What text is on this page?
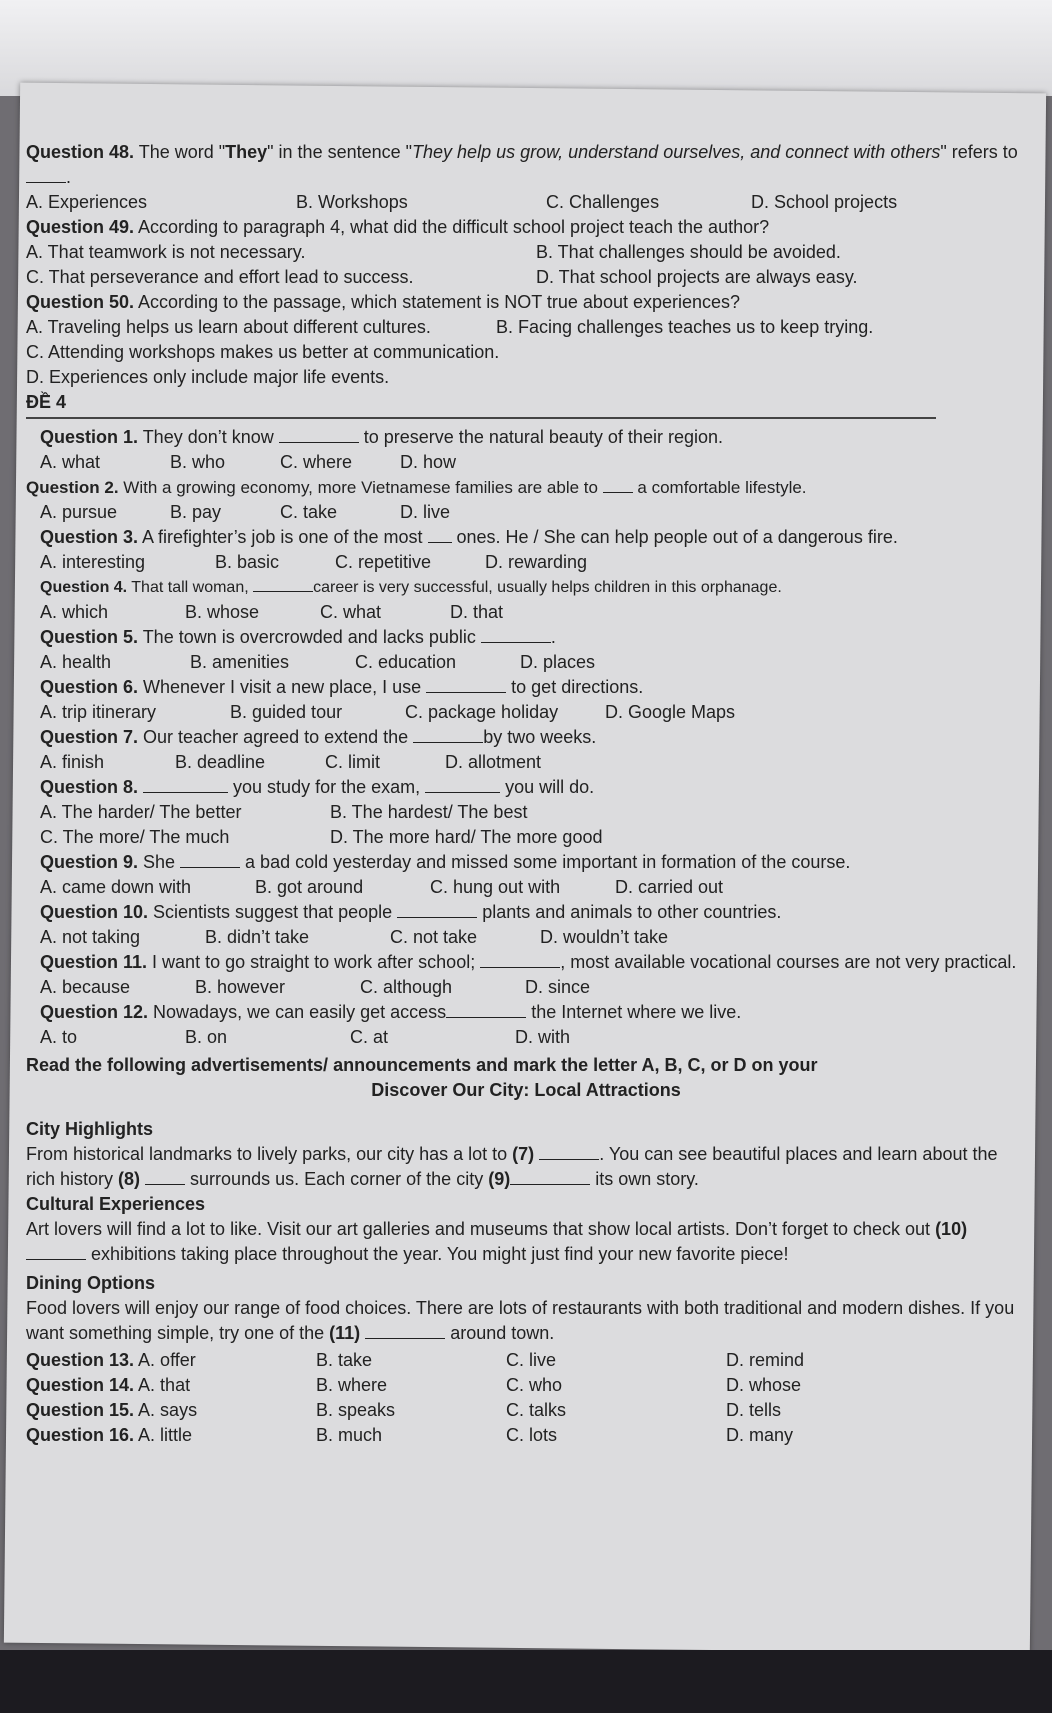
Question 48. The word "They" in the sentence "They help us grow, understand ourselves, and connect with others" refers to .
A. Experiences	B. Workshops	C. Challenges	D. School projects
Question 49. According to paragraph 4, what did the difficult school project teach the author?
A. That teamwork is not necessary.	B. That challenges should be avoided.
C. That perseverance and effort lead to success.	D. That school projects are always easy.
Question 50. According to the passage, which statement is NOT true about experiences?
A. Traveling helps us learn about different cultures.	B. Facing challenges teaches us to keep trying.
C. Attending workshops makes us better at communication.
D. Experiences only include major life events.
ĐỀ 4
Question 1. They don’t know	to preserve the natural beauty of their region.
A. what	B. who	C. where	D. how
Question 2. With a growing economy, more Vietnamese families are able to  a comfortable lifestyle.
A. pursue	B. pay	C. take	D. live
Question 3. A firefighter’s job is one of the most  ones. He / She can help people out of a dangerous fire.
A. interesting	B. basic	C. repetitive	D. rewarding
Question 4. That tall woman,	career is very successful, usually helps children in this orphanage.
A. which	B. whose	C. what	D. that
Question 5. The town is overcrowded and lacks public	.
A. health	B. amenities	C. education	D. places
Question 6. Whenever I visit a new place, I use	to get directions.
A. trip itinerary	B. guided tour	C. package holiday	D. Google Maps
Question 7. Our teacher agreed to extend the	by two weeks.
A. finish	B. deadline	C. limit	D. allotment
Question 8.	you study for the exam,	you will do.
A. The harder/ The better	B. The hardest/ The best
C. The more/ The much	D. The more hard/ The more good
Question 9. She	a bad cold yesterday and missed some important in formation of the course.
A. came down with	B. got around	C. hung out with	D. carried out
Question 10. Scientists suggest that people	plants and animals to other countries.
A. not taking	B. didn’t take	C. not take	D. wouldn’t take
Question 11. I want to go straight to work after school;	, most available vocational courses are not very practical.
A. because	B. however	C. although	D. since
Question 12. Nowadays, we can easily get access	the Internet where we live.
A. to	B. on	C. at	D. with
Read the following advertisements/ announcements and mark the letter A, B, C, or D on your
Discover Our City: Local Attractions
City Highlights
From historical landmarks to lively parks, our city has a lot to (7)	. You can see beautiful places and learn about the rich history (8)	surrounds us. Each corner of the city (9)	its own story.
Cultural Experiences
Art lovers will find a lot to like. Visit our art galleries and museums that show local artists. Don’t forget to check out (10)  exhibitions taking place throughout the year. You might just find your new favorite piece!
Dining Options
Food lovers will enjoy our range of food choices. There are lots of restaurants with both traditional and modern dishes. If you want something simple, try one of the (11)	around town.
Question 13. A. offer	B. take	C. live	D. remind
Question 14. A. that	B. where	C. who	D. whose
Question 15. A. says	B. speaks	C. talks	D. tells
Question 16. A. little	B. much	C. lots	D. many
